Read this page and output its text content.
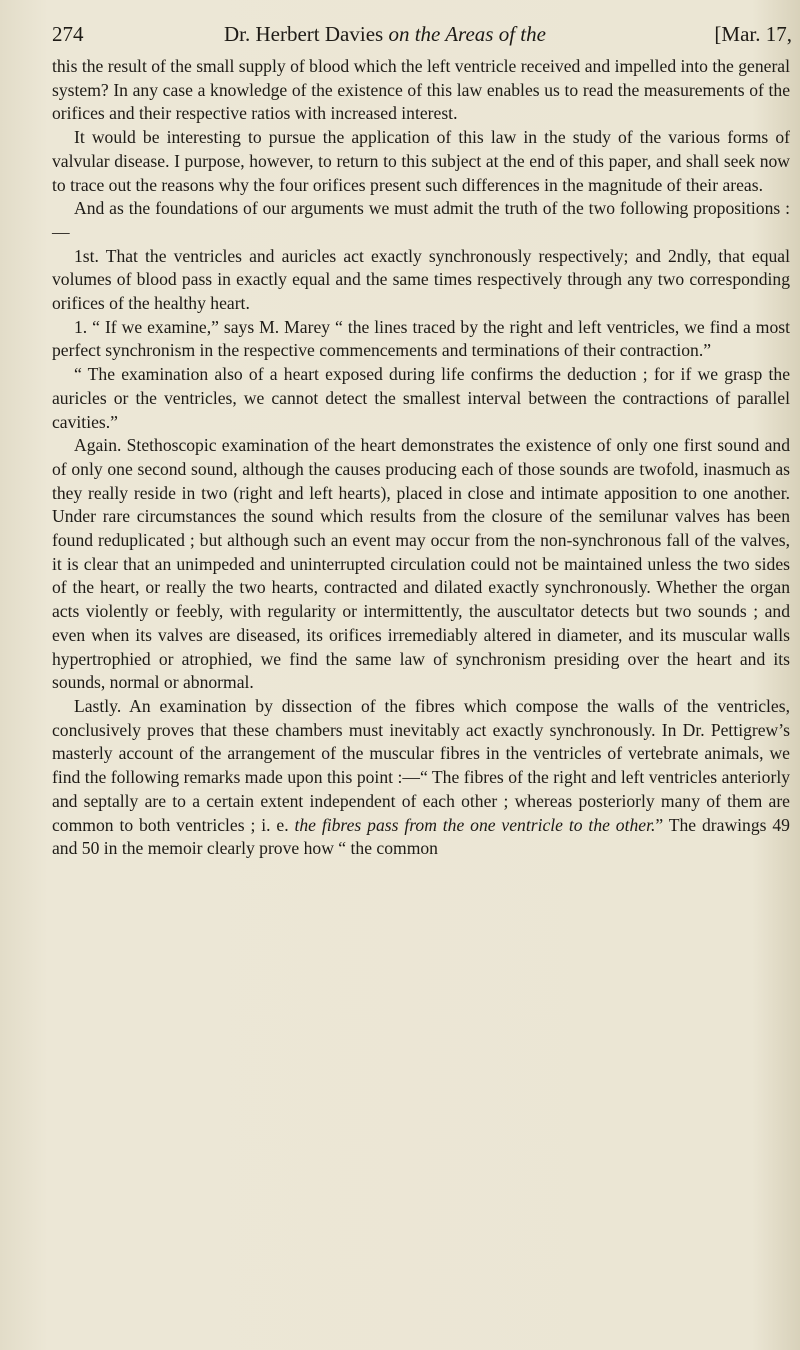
274	Dr. Herbert Davies on the Areas of the	[Mar. 17,

this the result of the small supply of blood which the left ventricle received and impelled into the general system? In any case a knowledge of the existence of this law enables us to read the measurements of the orifices and their respective ratios with increased interest.

It would be interesting to pursue the application of this law in the study of the various forms of valvular disease. I purpose, however, to return to this subject at the end of this paper, and shall seek now to trace out the reasons why the four orifices present such differences in the magnitude of their areas.

And as the foundations of our arguments we must admit the truth of the two following propositions :—

1st. That the ventricles and auricles act exactly synchronously respectively; and 2ndly, that equal volumes of blood pass in exactly equal and the same times respectively through any two corresponding orifices of the healthy heart.

1. “ If we examine,” says M. Marey “ the lines traced by the right and left ventricles, we find a most perfect synchronism in the respective commencements and terminations of their contraction.”

“ The examination also of a heart exposed during life confirms the deduction ; for if we grasp the auricles or the ventricles, we cannot detect the smallest interval between the contractions of parallel cavities.”

Again. Stethoscopic examination of the heart demonstrates the existence of only one first sound and of only one second sound, although the causes producing each of those sounds are twofold, inasmuch as they really reside in two (right and left hearts), placed in close and intimate apposition to one another. Under rare circumstances the sound which results from the closure of the semilunar valves has been found reduplicated ; but although such an event may occur from the non-synchronous fall of the valves, it is clear that an unimpeded and uninterrupted circulation could not be maintained unless the two sides of the heart, or really the two hearts, contracted and dilated exactly synchronously. Whether the organ acts violently or feebly, with regularity or intermittently, the auscultator detects but two sounds ; and even when its valves are diseased, its orifices irremediably altered in diameter, and its muscular walls hypertrophied or atrophied, we find the same law of synchronism presiding over the heart and its sounds, normal or abnormal.

Lastly. An examination by dissection of the fibres which compose the walls of the ventricles, conclusively proves that these chambers must inevitably act exactly synchronously. In Dr. Pettigrew’s masterly account of the arrangement of the muscular fibres in the ventricles of vertebrate animals, we find the following remarks made upon this point :—“ The fibres of the right and left ventricles anteriorly and septally are to a certain extent independent of each other ; whereas posteriorly many of them are common to both ventricles ; i. e. the fibres pass from the one ventricle to the other.” The drawings 49 and 50 in the memoir clearly prove how “ the common
